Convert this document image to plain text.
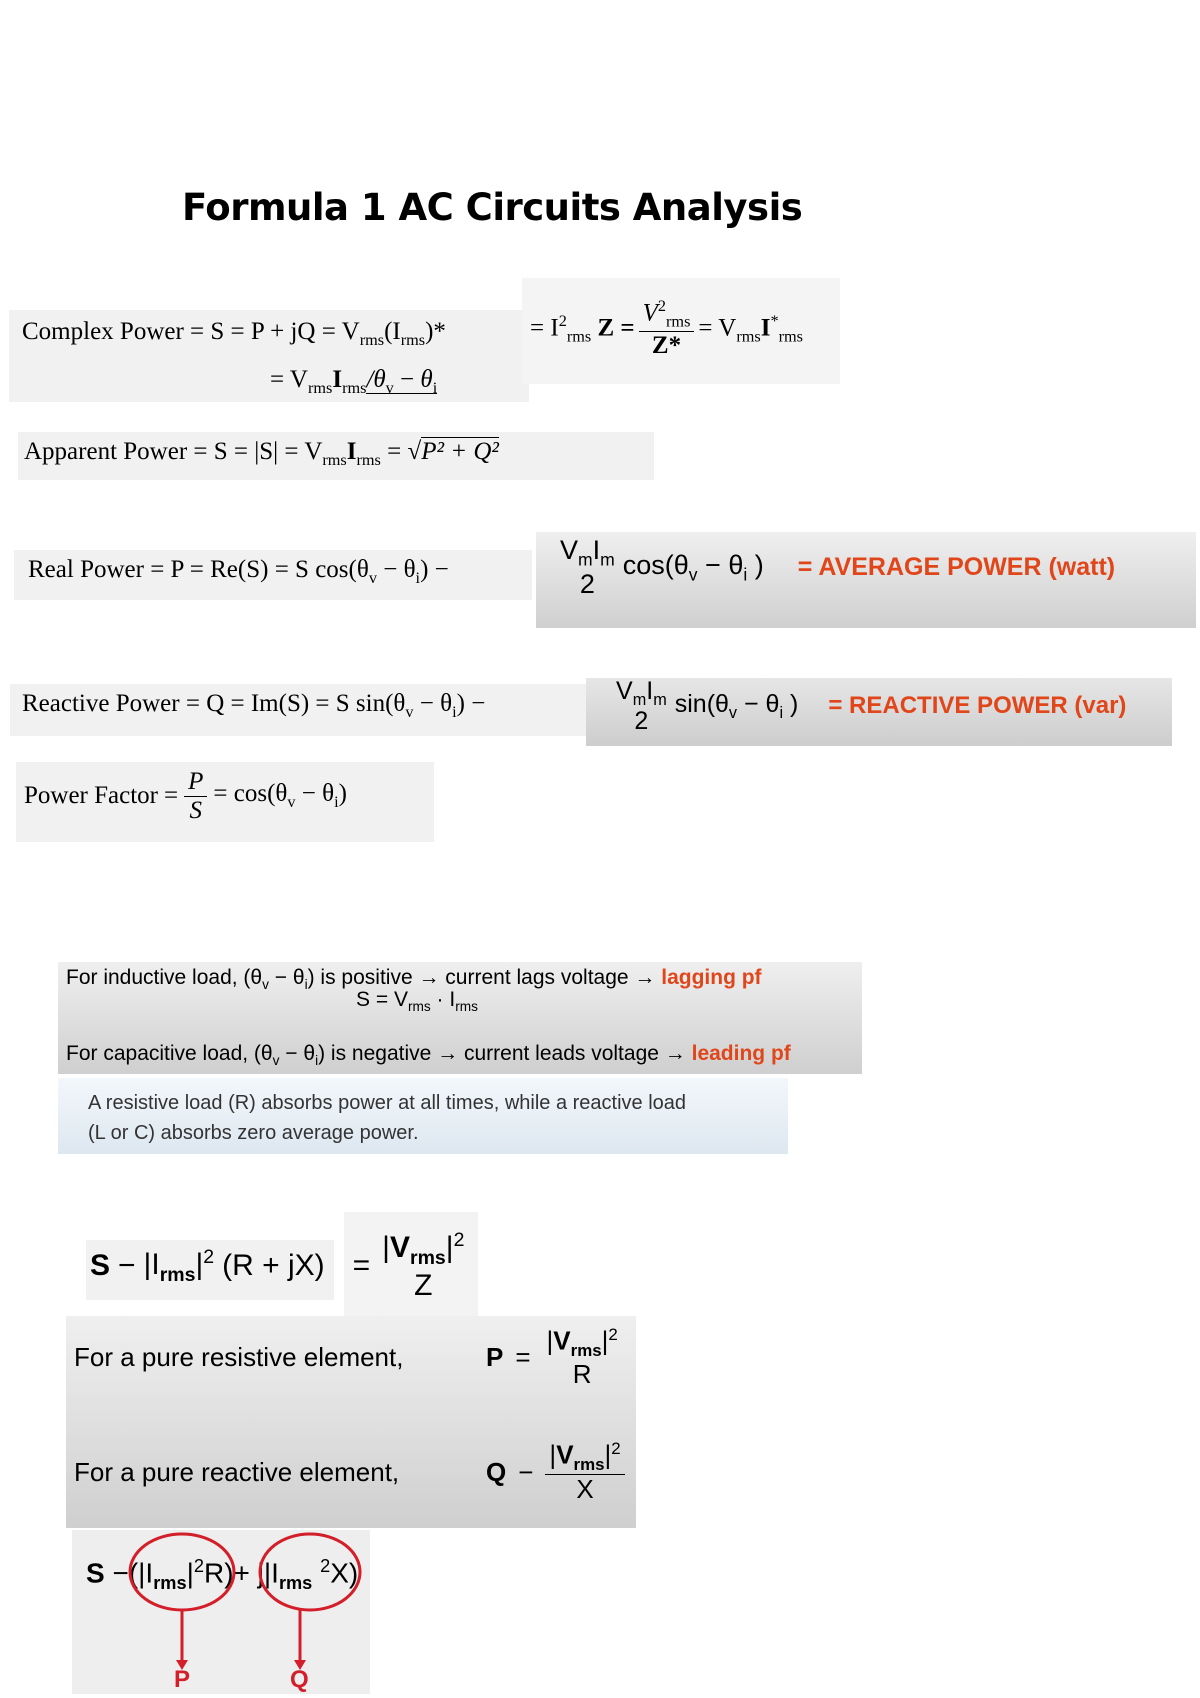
Formula 1 AC Circuits Analysis
Complex Power = S = P + jQ = $V_{rms}(I_{rms})*$
= $V_{rms}I_{rms}/\theta_v - \theta_i$
= $I^2_{rms}$ $Z = \frac{V^2_{rms}}{Z*} = V_{rms}I^*_{rms}$
Apparent Power = $S = |S| = V_{rms}I_{rms} = √P^2 + Q^2$
Real Power = P = Re(S) = S $\cos(\theta_v - \theta_i)$ −
$V_mI_m$
2
$\cos(\theta_v - \theta_i$ ) = AVERAGE POWER (watt)
Reactive Power = Q = Im(S) = S $\sin(\theta_v - \theta_i)$ −	$V_mI_m$
2
$\sin(\theta_v - \theta_i$ ) = REACTIVE POWER (var)
Power Factor = $\frac{P}{S} = \cos(\theta_v - \theta_i)$
For inductive load, $(\theta_v - \theta_i)$ is positive → current lags voltage → lagging pf
$S = V_{rms} \cdot I_{rms}$
For capacitive load, $(\theta_v - \theta_i)$ is negative → current leads voltage → leading pf
A resistive load (R) absorbs power at all times, while a reactive load
(L or C) absorbs zero average power.
$S - |I_{rms}|^2$ (R + jX) =
$|V_{rms}|^2$
Z
For a pure resistive element,	P =
$|V_{rms}|^2$
R
For a pure reactive element,	$Q - \frac{|V_{rms}|^2}{X}$
$S -(|I_{rms}|^2R)+ j|I_{rms}$ $^2$X)
P	Q
